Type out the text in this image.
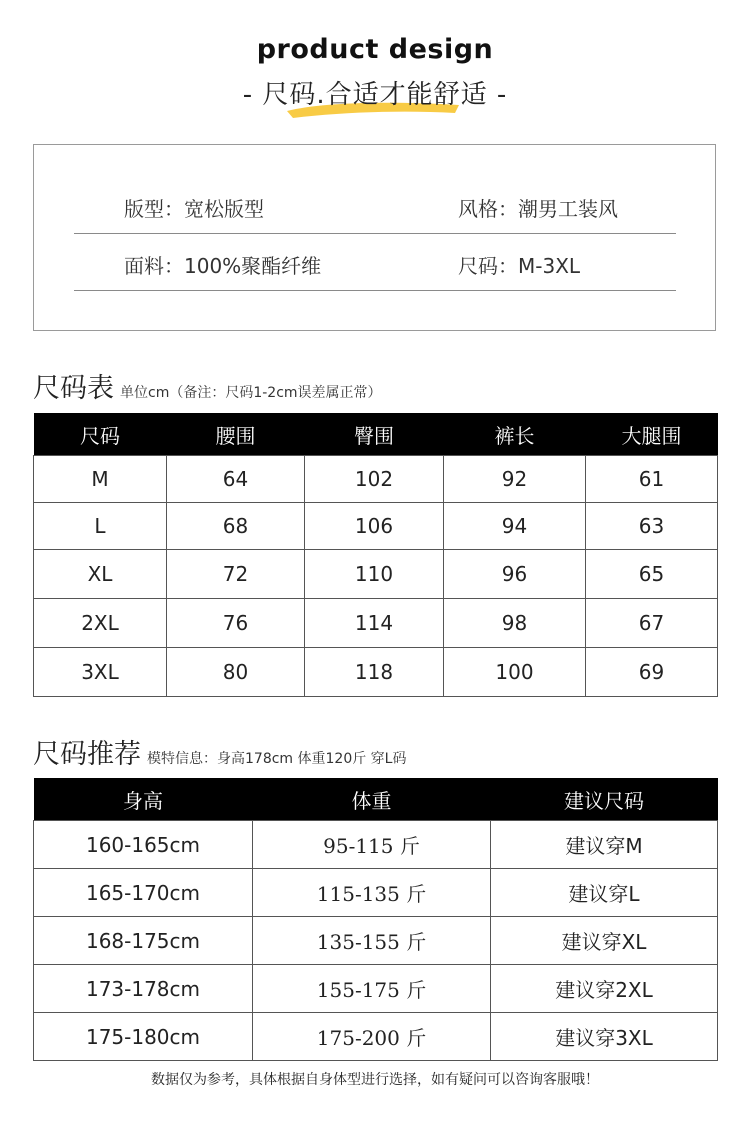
product design
- 尺码.合适才能舒适 -
版型：宽松版型	风格：潮男工装风
面料：100%聚酯纤维	尺码：M-3XL
尺码表 单位cm（备注：尺码1-2cm误差属正常）
尺码	腰围	臀围	裤长	大腿围
M	64	102	92	61
L	68	106	94	63
XL	72	110	96	65
2XL	76	114	98	67
3XL	80	118	100	69
尺码推荐 模特信息：身高178cm 体重120斤 穿L码
身高	体重	建议尺码
160-165cm	95-115 斤	建议穿M
165-170cm	115-135 斤	建议穿L
168-175cm	135-155 斤	建议穿XL
173-178cm	155-175 斤	建议穿2XL
175-180cm	175-200 斤	建议穿3XL
数据仅为参考，具体根据自身体型进行选择，如有疑问可以咨询客服哦！
